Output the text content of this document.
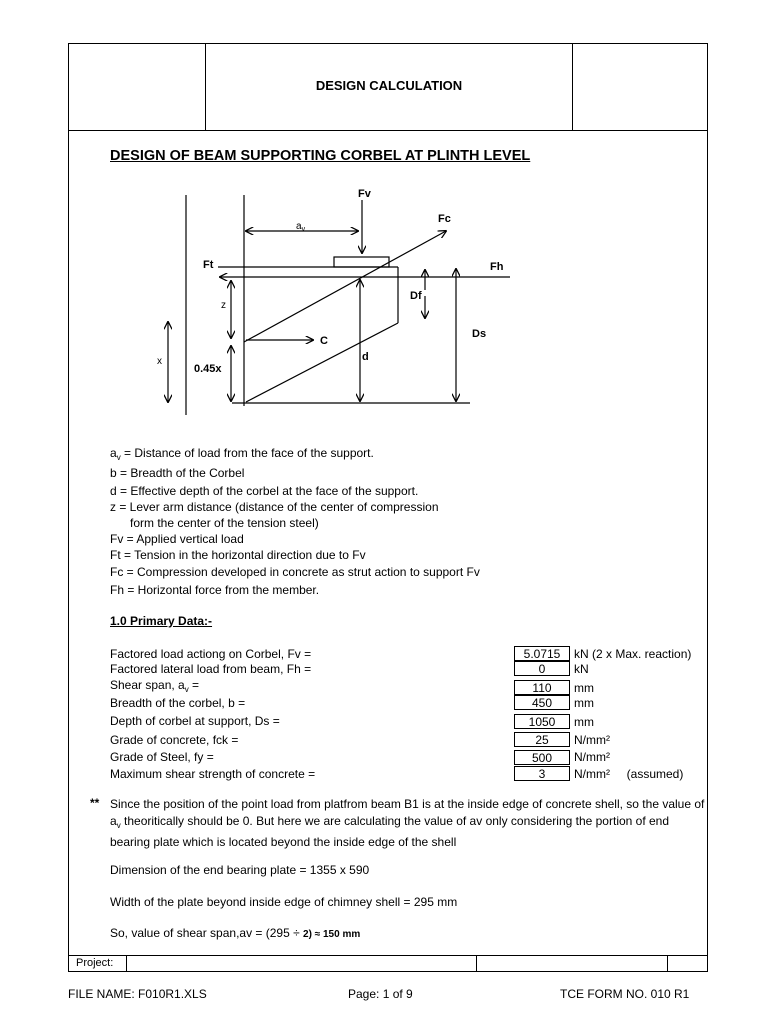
DESIGN CALCULATION
DESIGN OF BEAM SUPPORTING CORBEL AT PLINTH LEVEL
Fv
Fc
Ft	Fh
Df
C
Ds
d
0.45x
$a_v$
z
x
$a_v$ = Distance of load from the face of the support.
b = Breadth of the Corbel
d = Effective depth of the corbel at the face of the support.
z = Lever arm distance (distance of the center of compression
form the center of the tension steel)
Fv = Applied vertical load
Ft = Tension in the horizontal direction due to Fv
Fc = Compression developed in concrete as strut action to support Fv
Fh = Horizontal force from the member.
1.0 Primary Data:-
Factored load actiong on Corbel, Fv =	5.0715	kN (2 x Max. reaction)
Factored lateral load from beam, Fh =	0	kN
Shear span, $a_v$ =	110	mm
Breadth of the corbel, b =	450	mm
Depth of corbel at support, Ds =	1050	mm
Grade of concrete, fck =	25	N/mm²
Grade of Steel, fy =	500	N/mm²
Maximum shear strength of concrete =	3	N/mm²     (assumed)
** Since the position of the point load from platfrom beam B1 is at the inside edge of concrete shell, so the value of $a_v$ theoritically should be 0. But here we are calculating the value of av only considering the portion of end bearing plate which is located beyond the inside edge of the shell
Dimension of the end bearing plate = 1355 x 590
Width of the plate beyond inside edge of chimney shell = 295 mm
So, value of shear span,av = (295 ÷ 2) ≈ 150 mm
Project:
FILE NAME: F010R1.XLS	Page: 1 of 9	TCE FORM NO. 010 R1
